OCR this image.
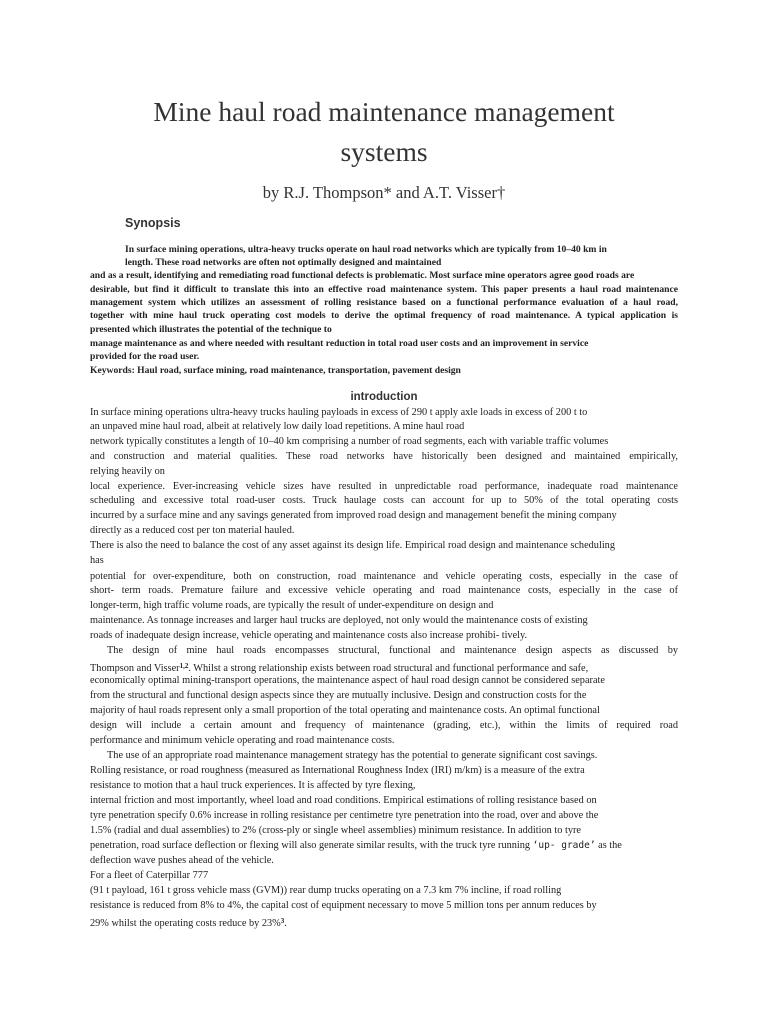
Mine haul road maintenance management
systems
by R.J. Thompson* and A.T. Visser†
Synopsis
In surface mining operations, ultra-heavy trucks operate on haul road networks which are typically from 10–40 km in
length. These road networks are often not optimally designed and maintained
and as a result, identifying and remediating road functional defects is problematic. Most surface mine operators agree good roads are
desirable, but find it difficult to translate this into an effective road maintenance system. This paper presents a haul road maintenance
management system which utilizes an assessment of rolling resistance based on a functional performance evaluation of a haul road,
together with mine haul truck operating cost models to derive the optimal frequency of road maintenance. A typical application is
presented which illustrates the potential of the technique to
manage maintenance as and where needed with resultant reduction in total road user costs and an improvement in service
provided for the road user.
Keywords: Haul road, surface mining, road maintenance, transportation, pavement design
introduction
In surface mining operations ultra-heavy trucks hauling payloads in excess of 290 t apply axle loads in excess of 200 t to
an unpaved mine haul road, albeit at relatively low daily load repetitions. A mine haul road
network typically constitutes a length of 10–40 km comprising a number of road segments, each with variable traffic volumes
and construction and material qualities. These road networks have historically been designed and maintained empirically,
relying heavily on
local experience. Ever-increasing vehicle sizes have resulted in unpredictable road performance, inadequate road maintenance
scheduling and excessive total road-user costs. Truck haulage costs can account for up to 50% of the total operating costs
incurred by a surface mine and any savings generated from improved road design and management benefit the mining company
directly as a reduced cost per ton material hauled.
There is also the need to balance the cost of any asset against its design life. Empirical road design and maintenance scheduling
has
potential for over-expenditure, both on construction, road maintenance and vehicle operating costs, especially in the case of
short- term roads. Premature failure and excessive vehicle operating and road maintenance costs, especially in the case of
longer-term, high traffic volume roads, are typically the result of under-expenditure on design and
maintenance. As tonnage increases and larger haul trucks are deployed, not only would the maintenance costs of existing
roads of inadequate design increase, vehicle operating and maintenance costs also increase prohibi- tively.
The design of mine haul roads encompasses structural, functional and maintenance design aspects as discussed by
Thompson and Visser$^{1,2}$. Whilst a strong relationship exists between road structural and functional performance and safe,
economically optimal mining-transport operations, the maintenance aspect of haul road design cannot be considered separate
from the structural and functional design aspects since they are mutually inclusive. Design and construction costs for the
majority of haul roads represent only a small proportion of the total operating and maintenance costs. An optimal functional
design will include a certain amount and frequency of maintenance (grading, etc.), within the limits of required road
performance and minimum vehicle operating and road maintenance costs.
The use of an appropriate road maintenance management strategy has the potential to generate significant cost savings.
Rolling resistance, or road roughness (measured as International Roughness Index (IRI) m/km) is a measure of the extra
resistance to motion that a haul truck experiences. It is affected by tyre flexing,
internal friction and most importantly, wheel load and road conditions. Empirical estimations of rolling resistance based on
tyre penetration specify 0.6% increase in rolling resistance per centimetre tyre penetration into the road, over and above the
1.5% (radial and dual assemblies) to 2% (cross-ply or single wheel assemblies) minimum resistance. In addition to tyre
penetration, road surface deflection or flexing will also generate similar results, with the truck tyre running ‘up- grade’ as the
deflection wave pushes ahead of the vehicle.
For a fleet of Caterpillar 777
(91 t payload, 161 t gross vehicle mass (GVM)) rear dump trucks operating on a 7.3 km 7% incline, if road rolling
resistance is reduced from 8% to 4%, the capital cost of equipment necessary to move 5 million tons per annum reduces by
29% whilst the operating costs reduce by 23%$^3$.
